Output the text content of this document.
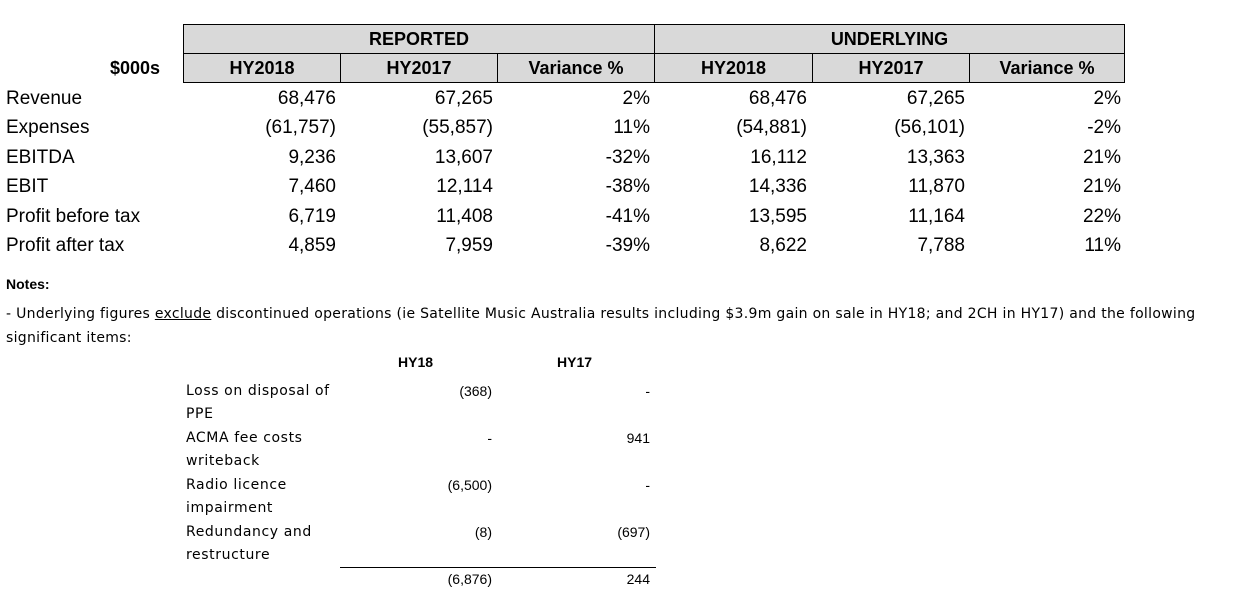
REPORTED	UNDERLYING
HY2018	HY2017	Variance %	HY2018	HY2017	Variance %
$000s
Revenue	68,476	67,265	2%	68,476	67,265	2%
Expenses	(61,757)	(55,857)	11%	(54,881)	(56,101)	-2%
EBITDA	9,236	13,607	-32%	16,112	13,363	21%
EBIT	7,460	12,114	-38%	14,336	11,870	21%
Profit before tax	6,719	11,408	-41%	13,595	11,164	22%
Profit after tax	4,859	7,959	-39%	8,622	7,788	11%
Notes:
- Underlying figures exclude discontinued operations (ie Satellite Music Australia results including $3.9m gain on sale in HY18; and 2CH in HY17) and the following significant items:
HY18	HY17
Loss on disposal of PPE
(368)	-
ACMA fee costs writeback
-	941
Radio licence impairment
(6,500)	-
Redundancy and restructure
(8)	(697)
(6,876)	244
